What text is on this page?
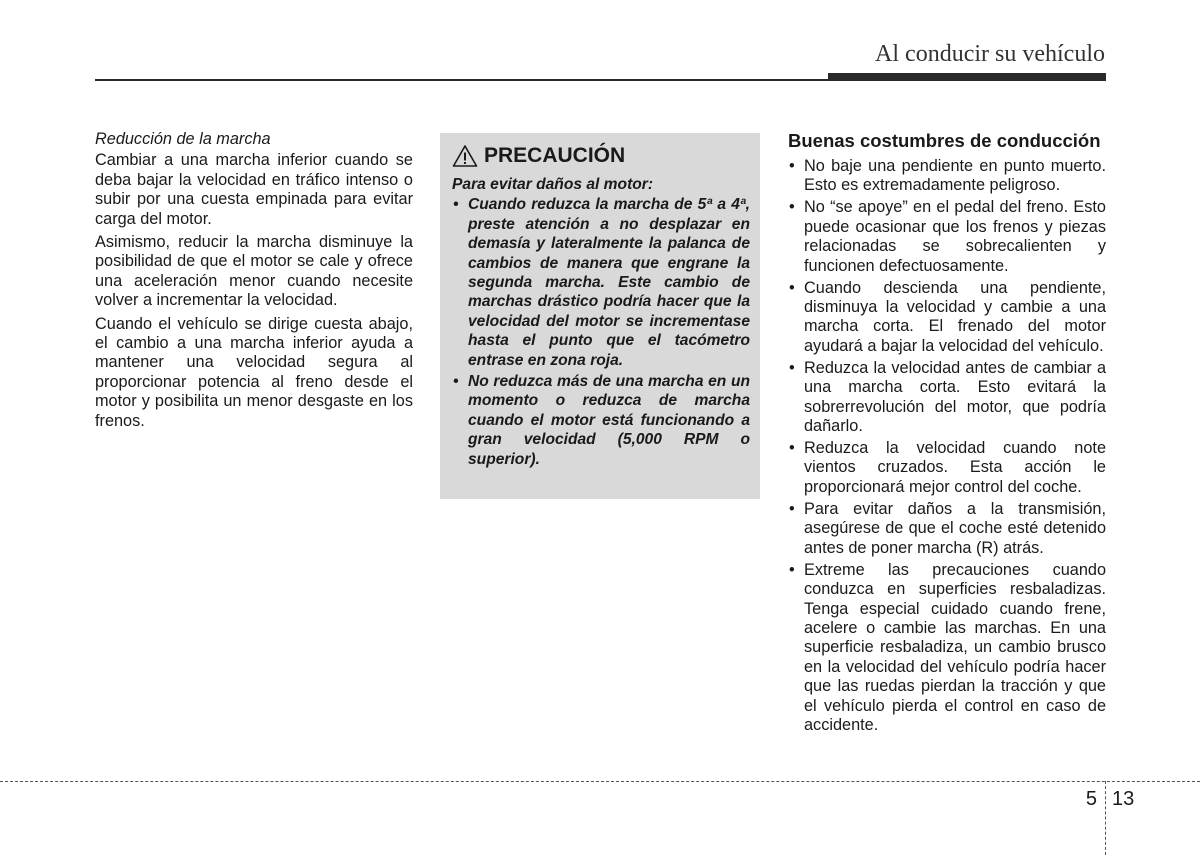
Al conducir su vehículo
Reducción de la marcha

Cambiar a una marcha inferior cuando se deba bajar la velocidad en tráfico intenso o subir por una cuesta empinada para evitar carga del motor.

Asimismo, reducir la marcha disminuye la posibilidad de que el motor se cale y ofrece una aceleración menor cuando necesite volver a incrementar la velocidad.

Cuando el vehículo se dirige cuesta abajo, el cambio a una marcha inferior ayuda a mantener una velocidad segura al proporcionar potencia al freno desde el motor y posibilita un menor desgaste en los frenos.

PRECAUCIÓN
Para evitar daños al motor:
• Cuando reduzca la marcha de 5ª a 4ª, preste atención a no desplazar en demasía y lateralmente la palanca de cambios de manera que engrane la segunda marcha. Este cambio de marchas drástico podría hacer que la velocidad del motor se incrementase hasta el punto que el tacómetro entrase en zona roja.
• No reduzca más de una marcha en un momento o reduzca de marcha cuando el motor está funcionando a gran velocidad (5,000 RPM o superior).
Buenas costumbres de conducción
• No baje una pendiente en punto muerto. Esto es extremadamente peligroso.
• No “se apoye” en el pedal del freno. Esto puede ocasionar que los frenos y piezas relacionadas se sobrecalienten y funcionen defectuosamente.
• Cuando descienda una pendiente, disminuya la velocidad y cambie a una marcha corta. El frenado del motor ayudará a bajar la velocidad del vehículo.
• Reduzca la velocidad antes de cambiar a una marcha corta. Esto evitará la sobrerrevolución del motor, que podría dañarlo.
• Reduzca la velocidad cuando note vientos cruzados. Esta acción le proporcionará mejor control del coche.
• Para evitar daños a la transmisión, asegúrese de que el coche esté detenido antes de poner marcha (R) atrás.
• Extreme las precauciones cuando conduzca en superficies resbaladizas. Tenga especial cuidado cuando frene, acelere o cambie las marchas. En una superficie resbaladiza, un cambio brusco en la velocidad del vehículo podría hacer que las ruedas pierdan la tracción y que el vehículo pierda el control en caso de accidente.
5 13
